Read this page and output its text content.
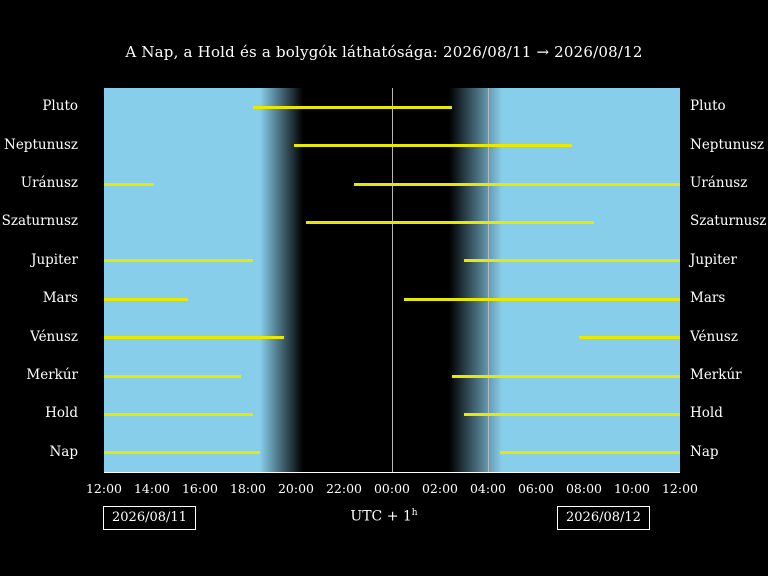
A Nap, a Hold és a bolygók láthatósága: 2026/08/11 → 2026/08/12
Pluto
Neptunusz
Uránusz
Szaturnusz
Jupiter
Mars
Vénusz
Merkúr
Hold
Nap
Pluto
Neptunusz
Uránusz
Szaturnusz
Jupiter
Mars
Vénusz
Merkúr
Hold
Nap
12:00 14:00 16:00 18:00 20:00 22:00 00:00 02:00 04:00 06:00 08:00 10:00 12:00
2026/08/11	2026/08/12
UTC + $1^h$
